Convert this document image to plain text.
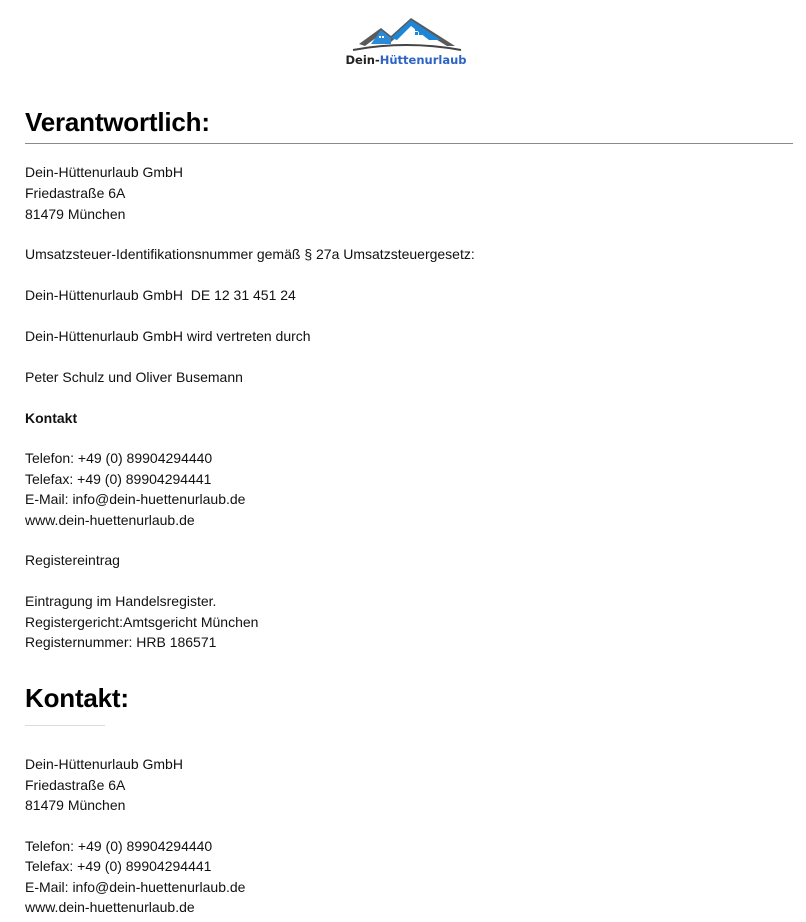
Dein-Hüttenurlaub
Verantwortlich:
Dein-Hüttenurlaub GmbH
Friedastraße 6A
81479 München
Umsatzsteuer-Identifikationsnummer gemäß § 27a Umsatzsteuergesetz:
Dein-Hüttenurlaub GmbH  DE 12 31 451 24
Dein-Hüttenurlaub GmbH wird vertreten durch
Peter Schulz und Oliver Busemann
Kontakt
Telefon: +49 (0) 89904294440
Telefax: +49 (0) 89904294441
E-Mail: info@dein-huettenurlaub.de
www.dein-huettenurlaub.de
Registereintrag
Eintragung im Handelsregister.
Registergericht:Amtsgericht München
Registernummer: HRB 186571
Kontakt:
Dein-Hüttenurlaub GmbH
Friedastraße 6A
81479 München
Telefon: +49 (0) 89904294440
Telefax: +49 (0) 89904294441
E-Mail: info@dein-huettenurlaub.de
www.dein-huettenurlaub.de
